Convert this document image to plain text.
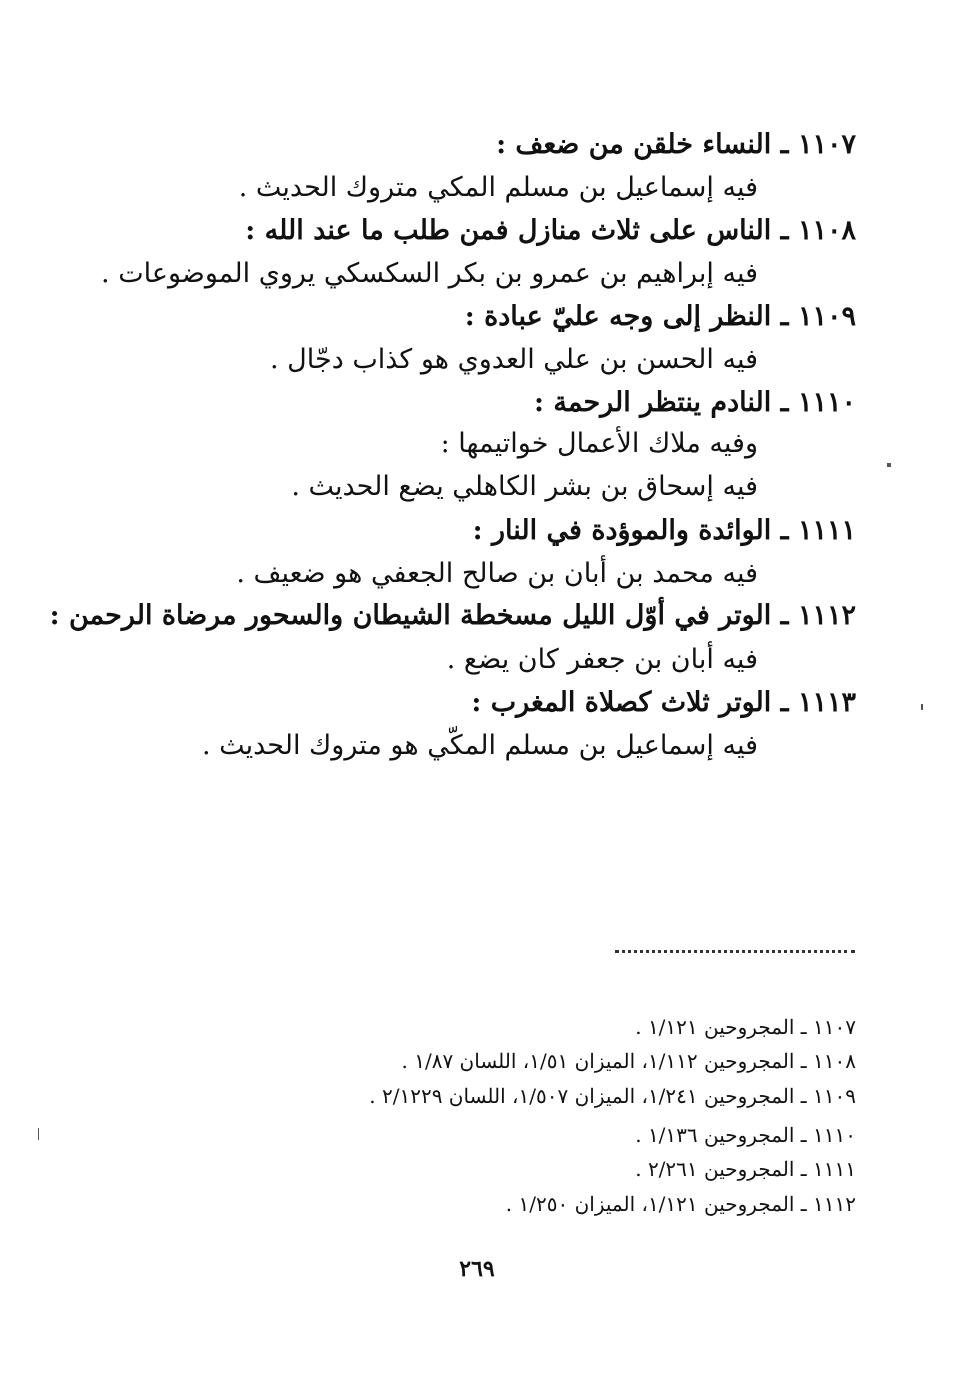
١١٠٧ ـ النساء خلقن من ضعف :
فيه إسماعيل بن مسلم المكي متروك الحديث .
١١٠٨ ـ الناس على ثلاث منازل فمن طلب ما عند الله :
فيه إبراهيم بن عمرو بن بكر السكسكي يروي الموضوعات .
١١٠٩ ـ النظر إلى وجه عليّ عبادة :
فيه الحسن بن علي العدوي هو كذاب دجّال .
١١١٠ ـ النادم ينتظر الرحمة :
وفيه ملاك الأعمال خواتيمها :
فيه إسحاق بن بشر الكاهلي يضع الحديث .
١١١١ ـ الوائدة والموؤدة في النار :
فيه محمد بن أبان بن صالح الجعفي هو ضعيف .
١١١٢ ـ الوتر في أوّل الليل مسخطة الشيطان والسحور مرضاة الرحمن :
فيه أبان بن جعفر كان يضع .
١١١٣ ـ الوتر ثلاث كصلاة المغرب :
فيه إسماعيل بن مسلم المكّي هو متروك الحديث .
١١٠٧ ـ المجروحين ١/١٢١ .
١١٠٨ ـ المجروحين ١/١١٢، الميزان ١/٥١، اللسان ١/٨٧ .
١١٠٩ ـ المجروحين ١/٢٤١، الميزان ١/٥٠٧، اللسان ٢/١٢٢٩ .
١١١٠ ـ المجروحين ١/١٣٦ .
١١١١ ـ المجروحين ٢/٢٦١ .
١١١٢ ـ المجروحين ١/١٢١، الميزان ١/٢٥٠ .
٢٦٩
